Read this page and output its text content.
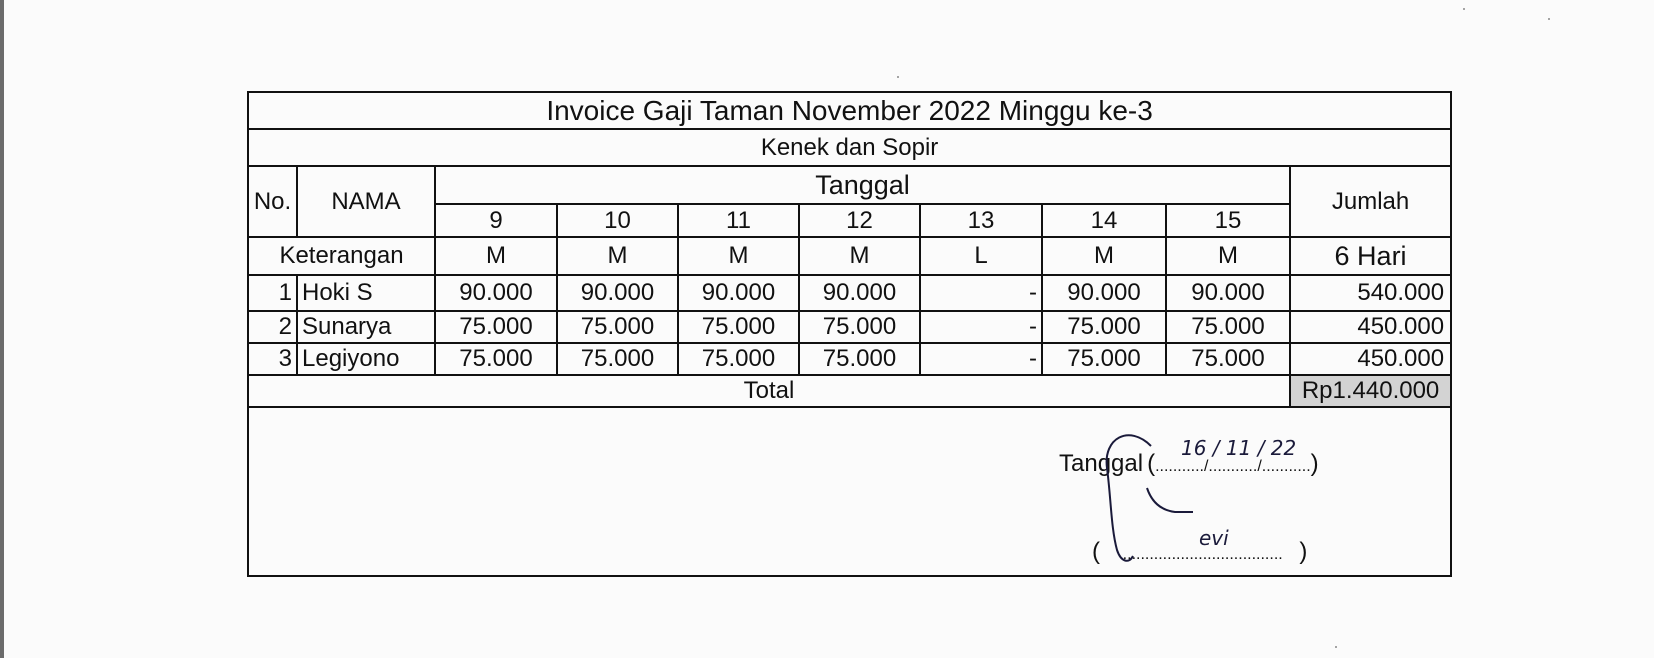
Invoice Gaji Taman November 2022 Minggu ke-3									
Kenek dan Sopir									
No.	NAMA	Tanggal							Jumlah
		9	10	11	12	13	14	15	
Keterangan		M	M	M	M	L	M	M	6 Hari
1	Hoki S	90.000	90.000	90.000	90.000	-	90.000	90.000	540.000
2	Sunarya	75.000	75.000	75.000	75.000	-	75.000	75.000	450.000
3	Legiyono	75.000	75.000	75.000	75.000	-	75.000	75.000	450.000
Total									Rp1.440.000
Tanggal ( .........../.........../........... )
16 / 11 / 22
( .................................... )
evi
